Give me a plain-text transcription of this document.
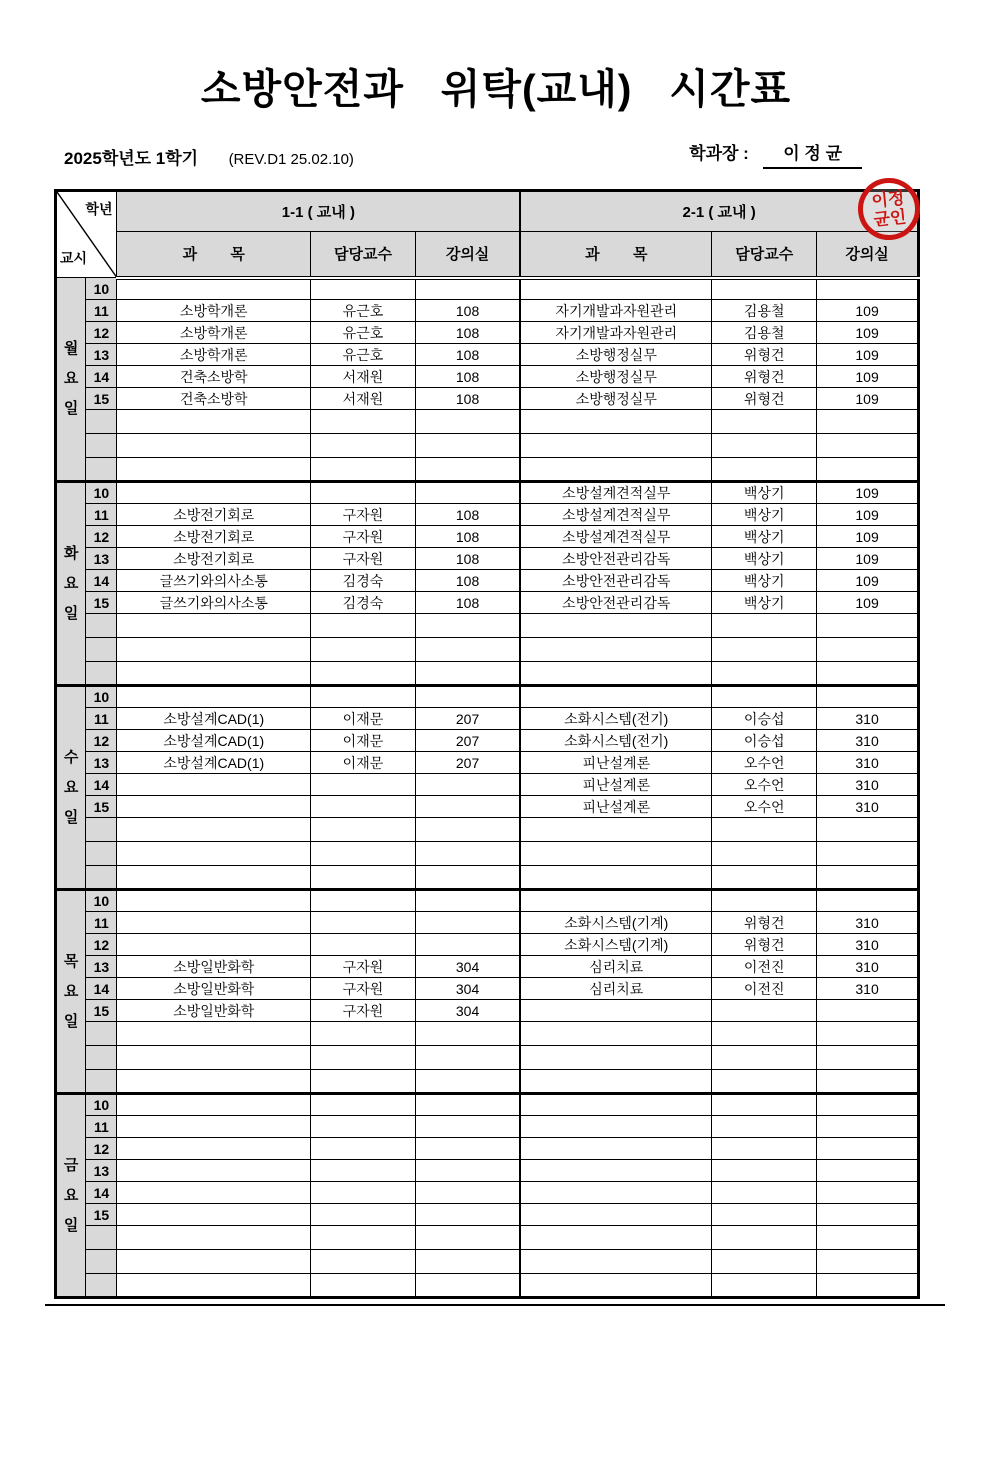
소방안전과  위탁(교내)  시간표
2025학년도 1학기 (REV.D1 25.02.10)	학과장 : 이 정 균
이정
균인

학년

교시		1-1 ( 교내 )			2-1 ( 교내 )		
		과        목	담당교수	강의실	과        목	담당교수	강의실

월
요
일	10						
	11	소방학개론	유근호	108	자기개발과자원관리	김용철	109
	12	소방학개론	유근호	108	자기개발과자원관리	김용철	109
	13	소방학개론	유근호	108	소방행정실무	위형건	109
	14	건축소방학	서재원	108	소방행정실무	위형건	109
	15	건축소방학	서재원	108	소방행정실무	위형건	109

화
요
일	10				소방설계견적실무	백상기	109
	11	소방전기회로	구자원	108	소방설계견적실무	백상기	109
	12	소방전기회로	구자원	108	소방설계견적실무	백상기	109
	13	소방전기회로	구자원	108	소방안전관리감독	백상기	109
	14	글쓰기와의사소통	김경숙	108	소방안전관리감독	백상기	109
	15	글쓰기와의사소통	김경숙	108	소방안전관리감독	백상기	109

수
요
일	10						
	11	소방설계CAD(1)	이재문	207	소화시스템(전기)	이승섭	310
	12	소방설계CAD(1)	이재문	207	소화시스템(전기)	이승섭	310
	13	소방설계CAD(1)	이재문	207	피난설계론	오수언	310
	14				피난설계론	오수언	310
	15				피난설계론	오수언	310

목
요
일	10						
	11				소화시스템(기계)	위형건	310
	12				소화시스템(기계)	위형건	310
	13	소방일반화학	구자원	304	심리치료	이전진	310
	14	소방일반화학	구자원	304	심리치료	이전진	310
	15	소방일반화학	구자원	304			

금
요
일	10						
	11						
	12						
	13						
	14						
	15						
